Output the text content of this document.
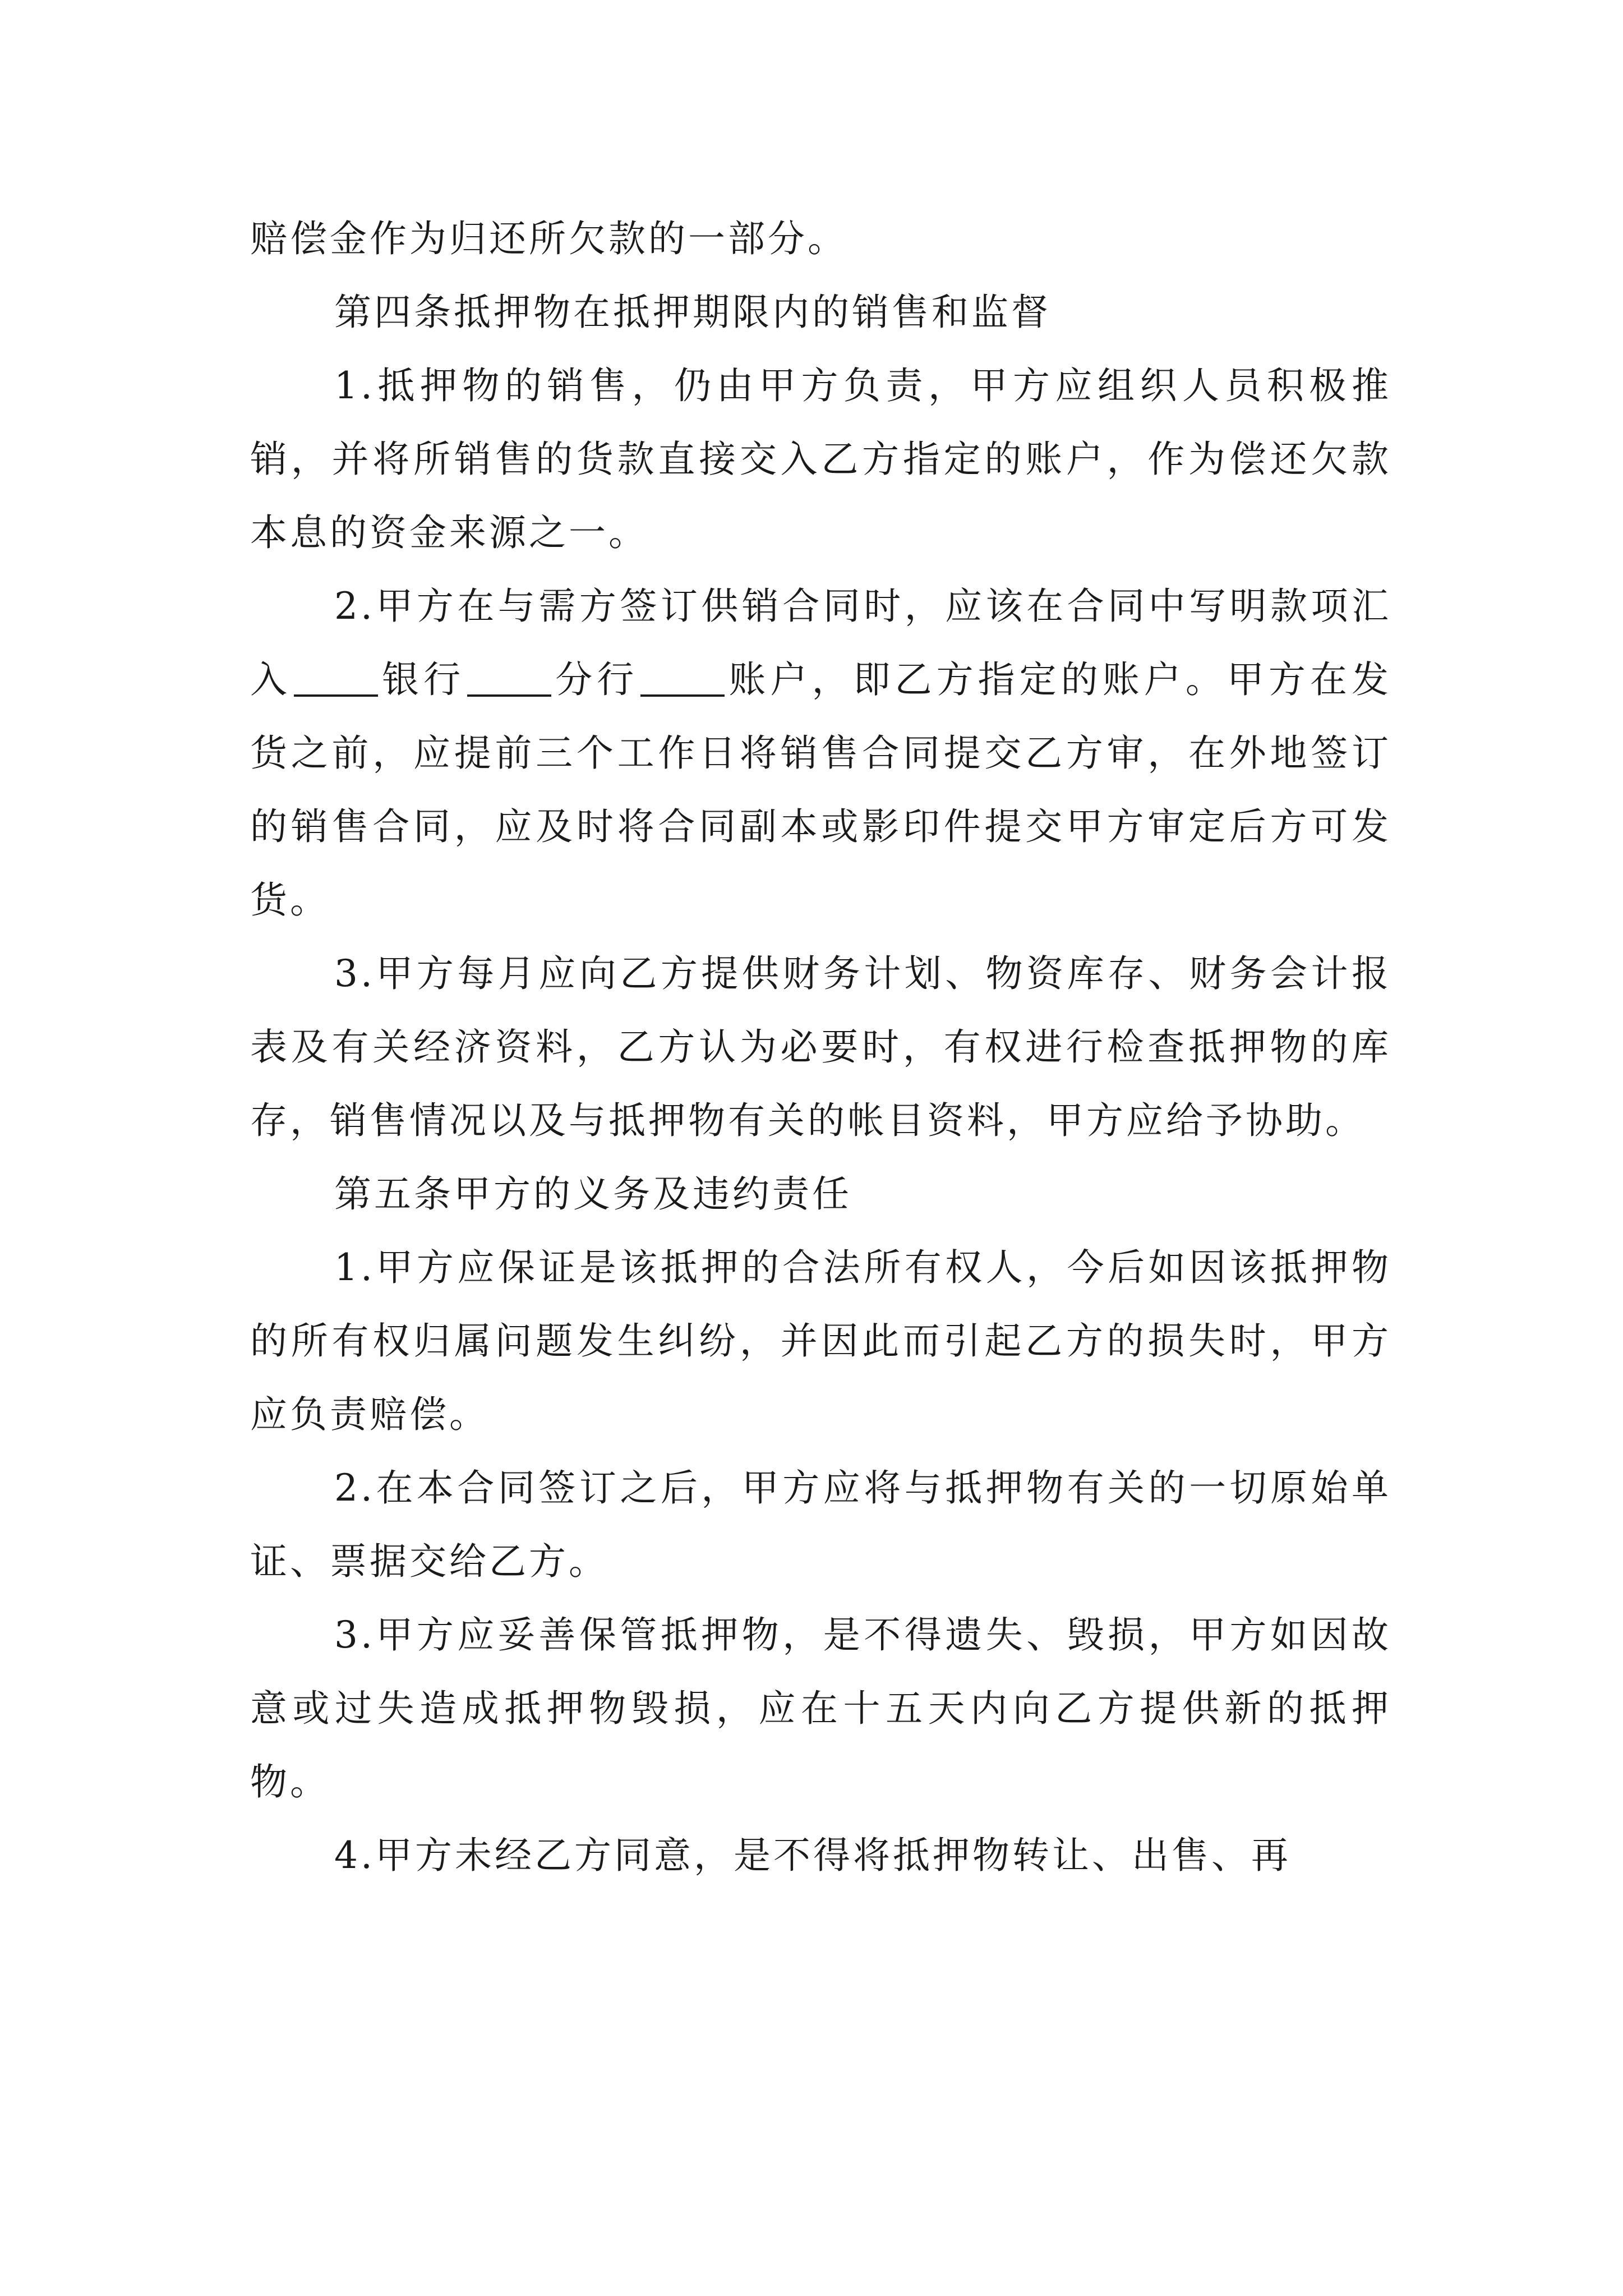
赔偿金作为归还所欠款的一部分。

第四条抵押物在抵押期限内的销售和监督

1.抵押物的销售，仍由甲方负责，甲方应组织人员积极推销，并将所销售的货款直接交入乙方指定的账户，作为偿还欠款本息的资金来源之一。

2.甲方在与需方签订供销合同时，应该在合同中写明款项汇入 银行 分行 账户，即乙方指定的账户。甲方在发货之前，应提前三个工作日将销售合同提交乙方审，在外地签订的销售合同，应及时将合同副本或影印件提交甲方审定后方可发货。

3.甲方每月应向乙方提供财务计划、物资库存、财务会计报表及有关经济资料，乙方认为必要时，有权进行检查抵押物的库存，销售情况以及与抵押物有关的帐目资料，甲方应给予协助。

第五条甲方的义务及违约责任

1.甲方应保证是该抵押的合法所有权人，今后如因该抵押物的所有权归属问题发生纠纷，并因此而引起乙方的损失时，甲方应负责赔偿。

2.在本合同签订之后，甲方应将与抵押物有关的一切原始单证、票据交给乙方。

3.甲方应妥善保管抵押物，是不得遗失、毁损，甲方如因故意或过失造成抵押物毁损，应在十五天内向乙方提供新的抵押物。

4.甲方未经乙方同意，是不得将抵押物转让、出售、再
